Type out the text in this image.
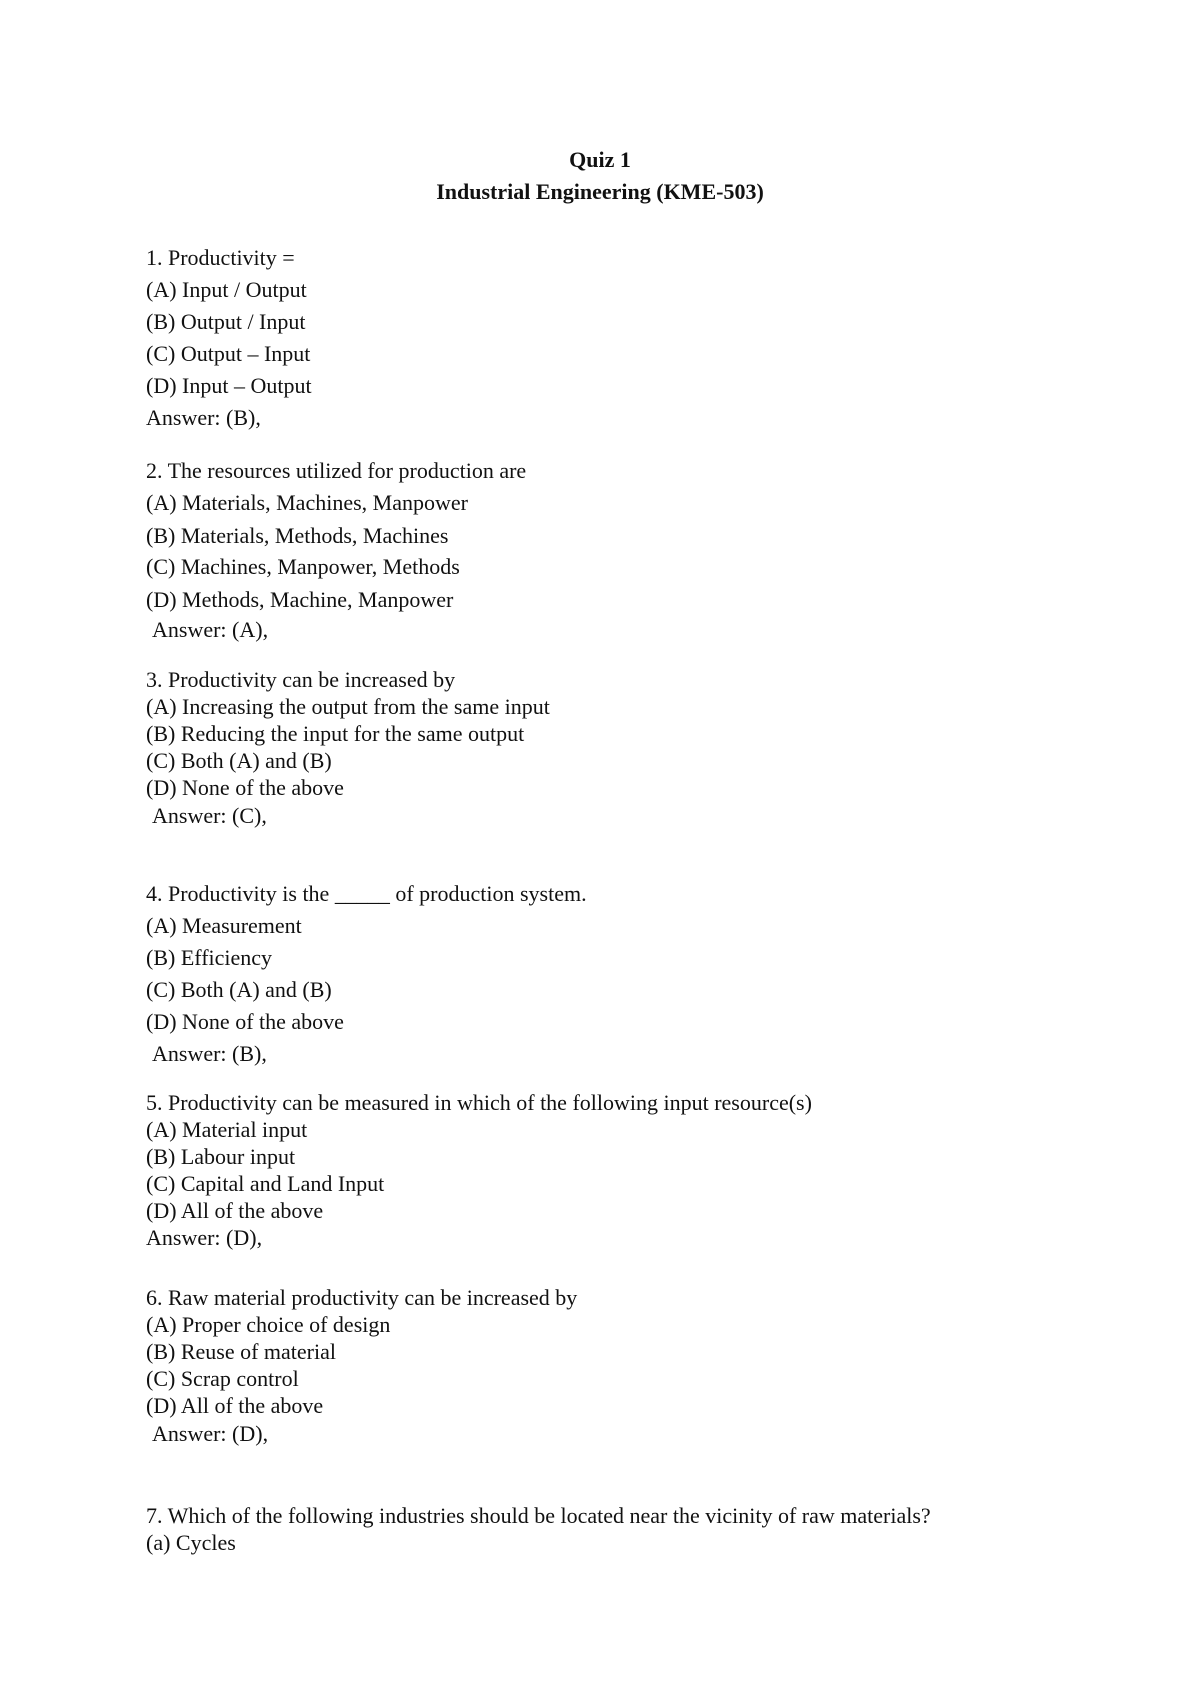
Quiz 1
Industrial Engineering (KME-503)
1. Productivity =
(A) Input / Output
(B) Output / Input
(C) Output – Input
(D) Input – Output
Answer: (B),
2. The resources utilized for production are
(A) Materials, Machines, Manpower
(B) Materials, Methods, Machines
(C) Machines, Manpower, Methods
(D) Methods, Machine, Manpower
Answer: (A),
3. Productivity can be increased by
(A) Increasing the output from the same input
(B) Reducing the input for the same output
(C) Both (A) and (B)
(D) None of the above
Answer: (C),
4. Productivity is the _____ of production system.
(A) Measurement
(B) Efficiency
(C) Both (A) and (B)
(D) None of the above
Answer: (B),
5. Productivity can be measured in which of the following input resource(s)
(A) Material input
(B) Labour input
(C) Capital and Land Input
(D) All of the above
Answer: (D),
6. Raw material productivity can be increased by
(A) Proper choice of design
(B) Reuse of material
(C) Scrap control
(D) All of the above
Answer: (D),
7. Which of the following industries should be located near the vicinity of raw materials?
(a) Cycles
